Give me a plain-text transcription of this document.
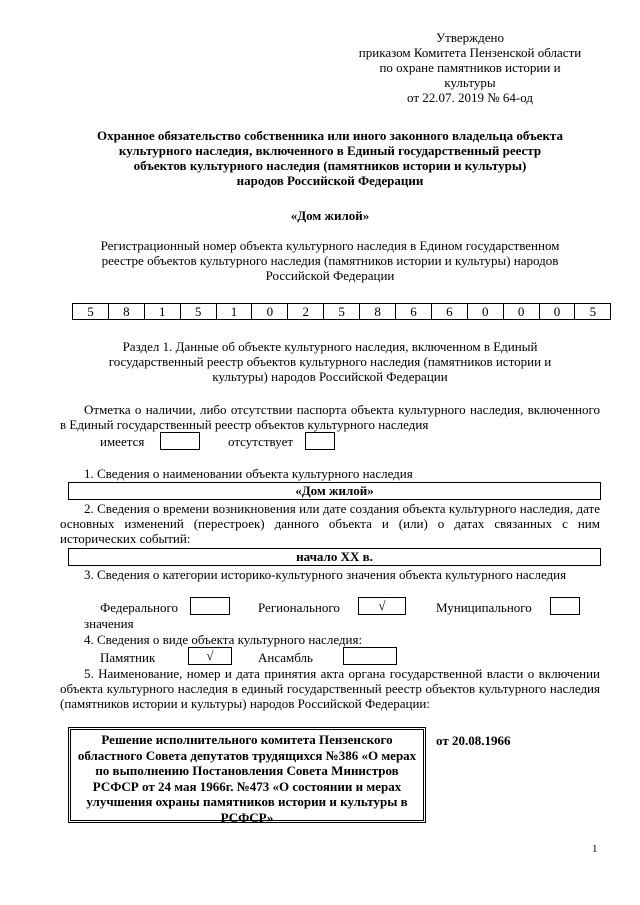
Утверждено
приказом Комитета Пензенской области
по охране памятников истории и
культуры
от 22.07. 2019 № 64-од
Охранное обязательство собственника или иного законного владельца объекта
культурного наследия, включенного в Единый государственный реестр
объектов культурного наследия (памятников истории и культуры)
народов Российской Федерации
«Дом жилой»
Регистрационный номер объекта культурного наследия в Едином государственном
реестре объектов культурного наследия (памятников истории и культуры) народов
Российской Федерации
5	8	1	5	1	0	2	5	8	6	6	0	0	0	5
Раздел 1. Данные об объекте культурного наследия, включенном в Единый
государственный реестр объектов культурного наследия (памятников истории и
культуры) народов Российской Федерации
Отметка о наличии, либо отсутствии паспорта объекта культурного наследия, включенного в Единый государственный реестр объектов культурного наследия
имеется	отсутствует
1. Сведения о наименовании объекта культурного наследия
«Дом жилой»
2. Сведения о времени возникновения или дате создания объекта культурного наследия, дате основных изменений (перестроек) данного объекта и (или) о датах связанных с ним исторических событий:
начало XX в.
3. Сведения о категории историко-культурного значения объекта культурного наследия
Федерального	Регионального	√	Муниципального
значения
4. Сведения о виде объекта культурного наследия:
Памятник	√	Ансамбль
5. Наименование, номер и дата принятия акта органа государственной власти о включении объекта культурного наследия в единый государственный реестр объектов культурного наследия (памятников истории и культуры) народов Российской Федерации:
Решение исполнительного комитета Пензенского областного Совета депутатов трудящихся №386 «О мерах по выполнению Постановления Совета Министров РСФСР от 24 мая 1966г. №473 «О состоянии и мерах улучшения охраны памятников истории и культуры в РСФСР»
от 20.08.1966
1
